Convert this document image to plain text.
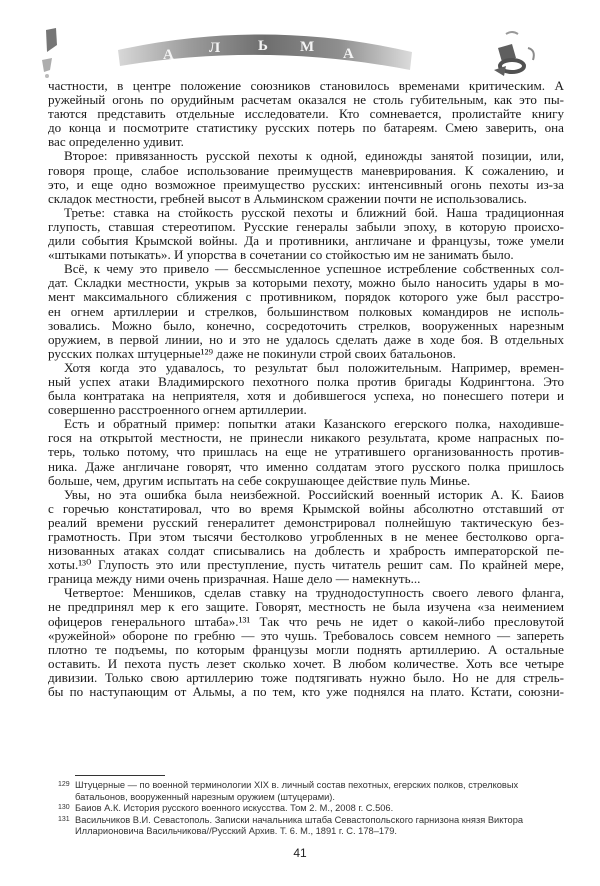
А Л	Ь М А
частности, в центре положение союзников становилось временами критическим. А
ружейный огонь по орудийным расчетам оказался не столь губительным, как это пы-
таются представить отдельные исследователи. Кто сомневается, пролистайте книгу
до конца и посмотрите статистику русских потерь по батареям. Смею заверить, она
вас определенно удивит.
Второе: привязанность русской пехоты к одной, единожды занятой позиции, или,
говоря проще, слабое использование преимуществ маневрирования. К сожалению, и
это, и еще одно возможное преимущество русских: интенсивный огонь пехоты из-за
складок местности, гребней высот в Альминском сражении почти не использовались.
Третье: ставка на стойкость русской пехоты и ближний бой. Наша традиционная
глупость, ставшая стереотипом. Русские генералы забыли эпоху, в которую происхо-
дили события Крымской войны. Да и противники, англичане и французы, тоже умели
«штыками потыкать». И упорства в сочетании со стойкостью им не занимать было.
Всё, к чему это привело — бессмысленное успешное истребление собственных сол-
дат. Складки местности, укрыв за которыми пехоту, можно было наносить удары в мо-
мент максимального сближения с противником, порядок которого уже был расстро-
ен огнем артиллерии и стрелков, большинством полковых командиров не исполь-
зовались. Можно было, конечно, сосредоточить стрелков, вооруженных нарезным
оружием, в первой линии, но и это не удалось сделать даже в ходе боя. В отдельных
русских полках штуцерные¹²⁹ даже не покинули строй своих батальонов.
Хотя когда это удавалось, то результат был положительным. Например, времен-
ный успех атаки Владимирского пехотного полка против бригады Кодрингтона. Это
была контратака на неприятеля, хотя и добившегося успеха, но понесшего потери и
совершенно расстроенного огнем артиллерии.
Есть и обратный пример: попытки атаки Казанского егерского полка, находивше-
гося на открытой местности, не принесли никакого результата, кроме напрасных по-
терь, только потому, что пришлась на еще не утратившего организованность против-
ника. Даже англичане говорят, что именно солдатам этого русского полка пришлось
больше, чем, другим испытать на себе сокрушающее действие пуль Минье.
Увы, но эта ошибка была неизбежной. Российский военный историк А. К. Баиов
с горечью констатировал, что во время Крымской войны абсолютно отставший от
реалий времени русский генералитет демонстрировал полнейшую тактическую без-
грамотность. При этом тысячи бестолково угробленных в не менее бестолково орга-
низованных атаках солдат списывались на доблесть и храбрость императорской пе-
хоты.¹³⁰ Глупость это или преступление, пусть читатель решит сам. По крайней мере,
граница между ними очень призрачная. Наше дело — намекнуть...
Четвертое: Меншиков, сделав ставку на труднодоступность своего левого фланга,
не предпринял мер к его защите. Говорят, местность не была изучена «за неимением
офицеров генерального штаба».¹³¹ Так что речь не идет о какой-либо пресловутой
«ружейной» обороне по гребню — это чушь. Требовалось совсем немного — запереть
плотно те подъемы, по которым французы могли поднять артиллерию. А остальные
оставить. И пехота пусть лезет сколько хочет. В любом количестве. Хоть все четыре
дивизии. Только свою артиллерию тоже подтягивать нужно было. Но не для стрель-
бы по наступающим от Альмы, а по тем, кто уже поднялся на плато. Кстати, союзни-
129 Штуцерные — по военной терминологии XIX в. личный состав пехотных, егерских полков, стрелковых
батальонов, вооруженный нарезным оружием (штуцерами).
130 Баиов А.К. История русского военного искусства. Том 2. М., 2008 г. С.506.
131 Васильчиков В.И. Севастополь. Записки начальника штаба Севастопольского гарнизона князя Виктора
Илларионовича Васильчикова//Русский Архив. Т. 6. М., 1891 г. С. 178–179.
41
